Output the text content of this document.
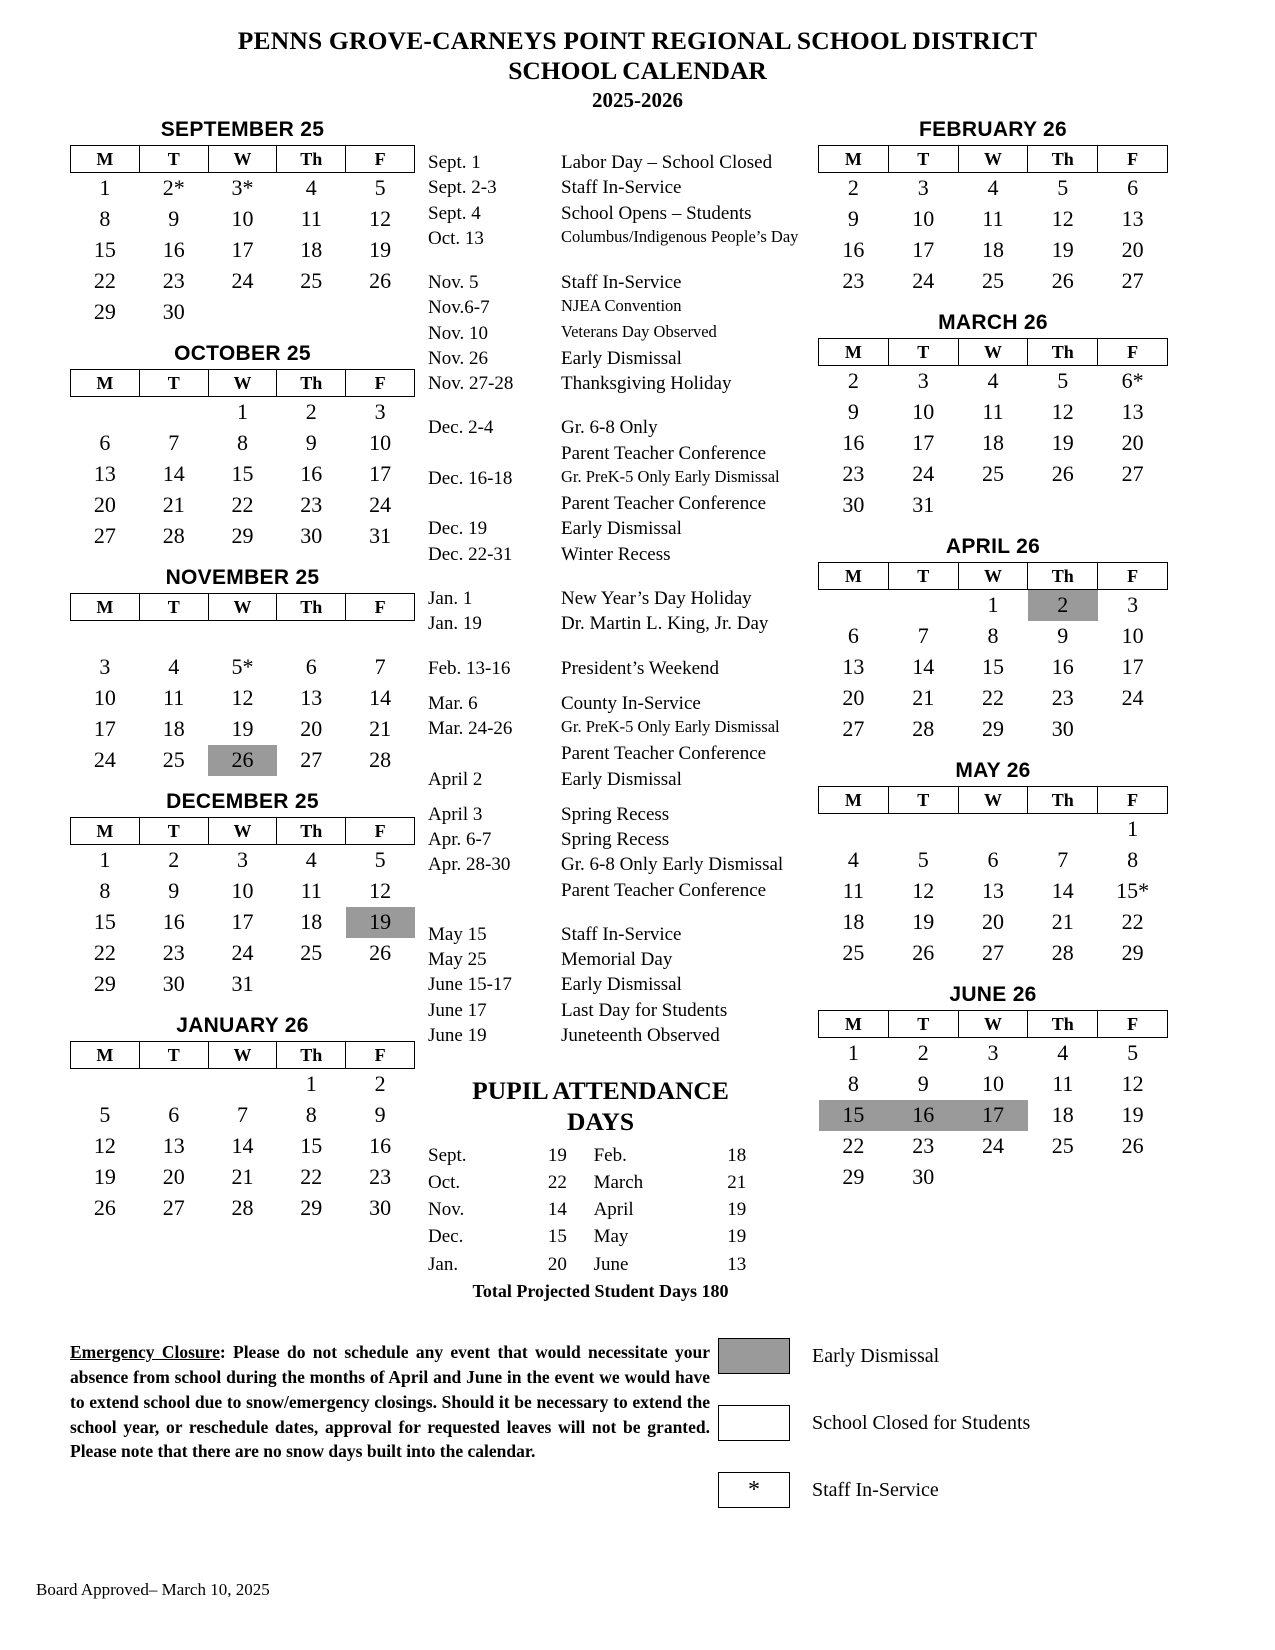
PENNS GROVE-CARNEYS POINT REGIONAL SCHOOL DISTRICT
SCHOOL CALENDAR
2025-2026
SEPTEMBER 25
M	T	W	Th	F
1	2*	3*	4	5
8	9	10	11	12
15	16	17	18	19
22	23	24	25	26
29	30			
OCTOBER 25
M	T	W	Th	F
		1	2	3
6	7	8	9	10
13	14	15	16	17
20	21	22	23	24
27	28	29	30	31
NOVEMBER 25
M	T	W	Th	F

3	4	5*	6	7
10	11	12	13	14
17	18	19	20	21
24	25	26	27	28
DECEMBER 25
M	T	W	Th	F
1	2	3	4	5
8	9	10	11	12
15	16	17	18	19
22	23	24	25	26
29	30	31		
JANUARY 26
M	T	W	Th	F
			1	2
5	6	7	8	9
12	13	14	15	16
19	20	21	22	23
26	27	28	29	30
Sept. 1	Labor Day – School Closed
Sept. 2-3	Staff In-Service
Sept. 4	School Opens – Students
Oct. 13	Columbus/Indigenous People’s Day
Nov. 5	Staff In-Service
Nov.6-7	NJEA Convention
Nov. 10	Veterans Day Observed
Nov. 26	Early Dismissal
Nov. 27-28	Thanksgiving Holiday
Dec. 2-4	Gr. 6-8 Only
Parent Teacher Conference
Dec. 16-18	Gr. PreK-5 Only Early Dismissal
Parent Teacher Conference
Dec. 19	Early Dismissal
Dec. 22-31	Winter Recess
Jan. 1	New Year’s Day Holiday
Jan. 19	Dr. Martin L. King, Jr. Day
Feb. 13-16	President’s Weekend
Mar. 6	County In-Service
Mar. 24-26	Gr. PreK-5 Only Early Dismissal
Parent Teacher Conference
April 2	Early Dismissal
April 3	Spring Recess
Apr. 6-7	Spring Recess
Apr. 28-30	Gr. 6-8 Only Early Dismissal
Parent Teacher Conference
May 15	Staff In-Service
May 25	Memorial Day
June 15-17	Early Dismissal
June 17	Last Day for Students
June 19	Juneteenth Observed
FEBRUARY 26
M	T	W	Th	F
2	3	4	5	6
9	10	11	12	13
16	17	18	19	20
23	24	25	26	27
MARCH 26
M	T	W	Th	F
2	3	4	5	6*
9	10	11	12	13
16	17	18	19	20
23	24	25	26	27
30	31			
APRIL 26
M	T	W	Th	F
		1	2	3
6	7	8	9	10
13	14	15	16	17
20	21	22	23	24
27	28	29	30	
MAY 26
M	T	W	Th	F
				1
4	5	6	7	8
11	12	13	14	15*
18	19	20	21	22
25	26	27	28	29
JUNE 26
M	T	W	Th	F
1	2	3	4	5
8	9	10	11	12
15	16	17	18	19
22	23	24	25	26
29	30			
PUPIL ATTENDANCE
DAYS
Sept.	19	Feb.	18
Oct.	22	March	21
Nov.	14	April	19
Dec.	15	May	19
Jan.	20	June	13
Total Projected Student Days 180

Emergency Closure: Please do not schedule any event that would necessitate your absence from school during the months of April and June in the event we would have to extend school due to snow/emergency closings. Should it be necessary to extend the school year, or reschedule dates, approval for requested leaves will not be granted. Please note that there are no snow days built into the calendar.

Early Dismissal
School Closed for Students
*	Staff In-Service
Board Approved– March 10, 2025
